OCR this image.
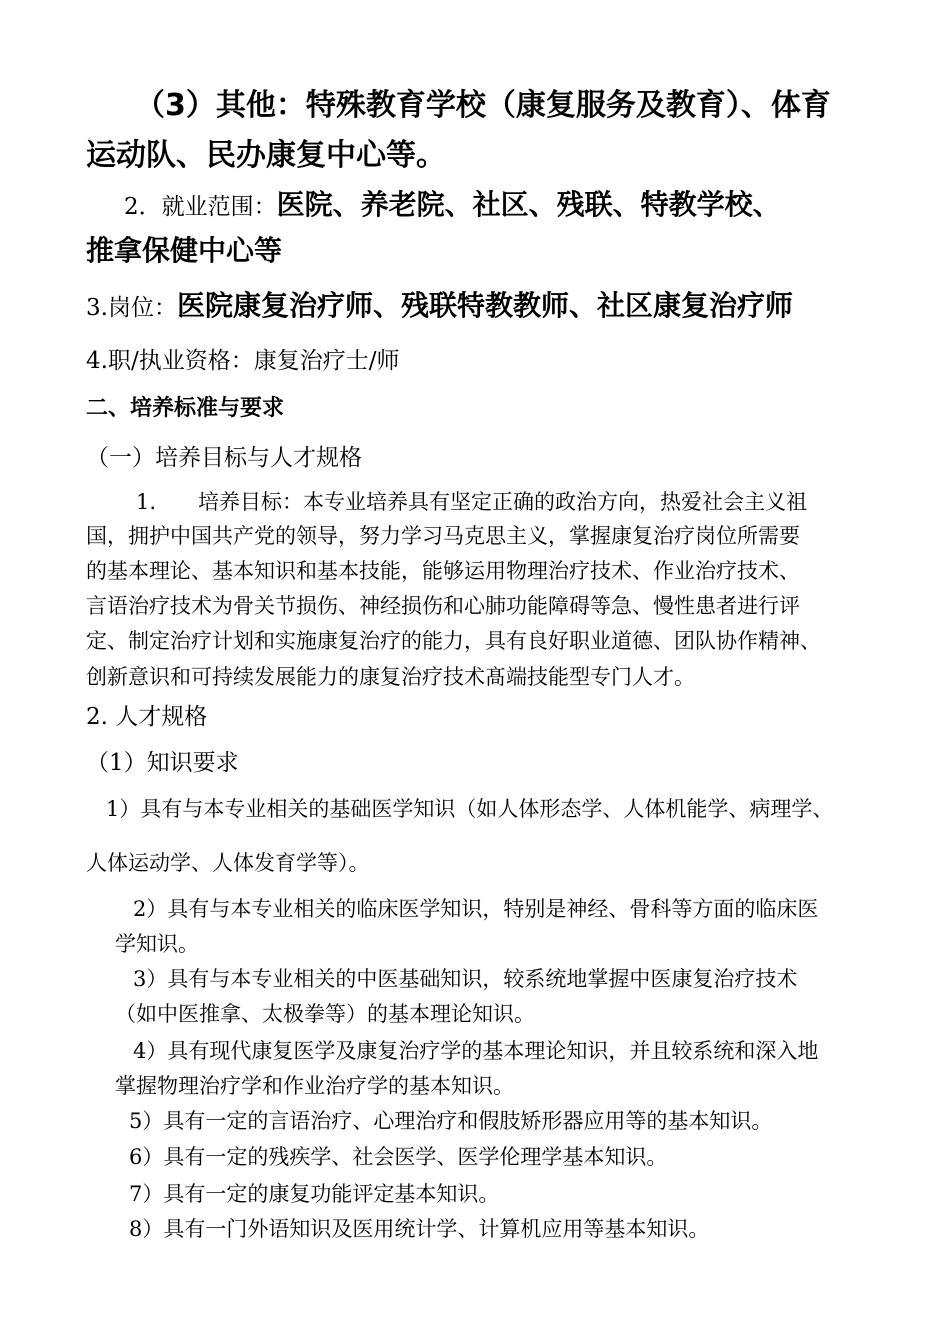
（3）其他：特殊教育学校（康复服务及教育）、体育

运动队、民办康复中心等。

2．就业范围：医院、养老院、社区、残联、特教学校、

推拿保健中心等

3.岗位：医院康复治疗师、残联特教教师、社区康复治疗师

4.职/执业资格：康复治疗士/师

二、培养标准与要求

（一）培养目标与人才规格

1.　　培养目标：本专业培养具有坚定正确的政治方向，热爱社会主义祖

国，拥护中国共产党的领导，努力学习马克思主义，掌握康复治疗岗位所需要

的基本理论、基本知识和基本技能，能够运用物理治疗技术、作业治疗技术、

言语治疗技术为骨关节损伤、神经损伤和心肺功能障碍等急、慢性患者进行评

定、制定治疗计划和实施康复治疗的能力，具有良好职业道德、团队协作精神、

创新意识和可持续发展能力的康复治疗技术髙端技能型专门人才。

2. 人才规格

（1）知识要求

1）具有与本专业相关的基础医学知识（如人体形态学、人体机能学、病理学、

人体运动学、人体发育学等）。

2）具有与本专业相关的临床医学知识，特别是神经、骨科等方面的临床医

学知识。

3）具有与本专业相关的中医基础知识，较系统地掌握中医康复治疗技术

（如中医推拿、太极拳等）的基本理论知识。

4）具有现代康复医学及康复治疗学的基本理论知识，并且较系统和深入地

掌握物理治疗学和作业治疗学的基本知识。

5）具有一定的言语治疗、心理治疗和假肢矫形器应用等的基本知识。

6）具有一定的残疾学、社会医学、医学伦理学基本知识。

7）具有一定的康复功能评定基本知识。

8）具有一门外语知识及医用统计学、计算机应用等基本知识。
